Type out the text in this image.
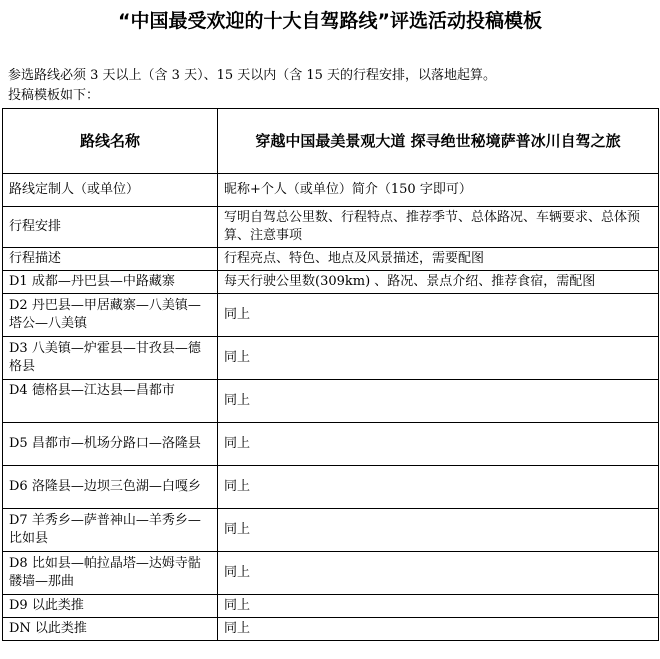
“中国最受欢迎的十大自驾路线”评选活动投稿模板

参选路线必须 3 天以上（含 3 天）、15 天以内（含 15 天的行程安排，以落地起算。

投稿模板如下：

路线名称	穿越中国最美景观大道 探寻绝世秘境萨普冰川自驾之旅
路线定制人（或单位）	昵称+个人（或单位）简介（150 字即可）
行程安排	写明自驾总公里数、行程特点、推荐季节、总体路况、车辆要求、总体预算、注意事项
行程描述	行程亮点、特色、地点及风景描述，需要配图
D1 成都—丹巴县—中路藏寨	每天行驶公里数(309km) 、路况、景点介绍、推荐食宿，需配图
D2 丹巴县—甲居藏寨—八美镇—塔公—八美镇	同上
D3 八美镇—炉霍县—甘孜县—德格县	同上
D4 德格县—江达县—昌都市	同上
D5 昌都市—机场分路口—洛隆县	同上
D6 洛隆县—边坝三色湖—白嘎乡	同上
D7 羊秀乡—萨普神山—羊秀乡—比如县	同上
D8 比如县—帕拉晶塔—达姆寺骷髅墙—那曲	同上
D9 以此类推	同上
DN 以此类推	同上
